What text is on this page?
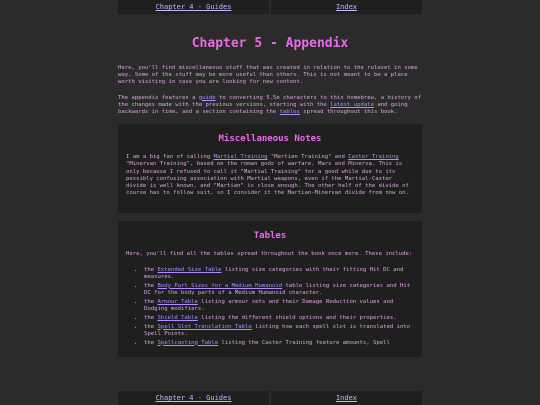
Chapter 4 - Guides	Index
Chapter 5 - Appendix

Here, you'll find miscellaneous stuff that was created in relation to the ruleset in some way. Some of the stuff may be more useful than others. This is not meant to be a place worth visiting in case you are looking for new content.

The appendix features a guide to converting 5.5e characters to this homebrew, a history of the changes made with the previous versions, starting with the latest update and going backwards in time, and a section containing the tables spread throughout this book.

Miscellaneous Notes

I am a big fan of calling Martial Training "Martian Training" and Caster Training "Minervan Training", based on the roman gods of warfare, Mars and Minerva. This is only because I refused to call it "Martial Training" for a good while due to its possibly confusing association with Martial weapons, even if the Martial-Caster divide is well known, and "Martian" is close enough. The other half of the divide of course has to follow suit, so I consider it the Martian-Minervan divide from now on.

Tables

Here, you'll find all the tables spread throughout the book once more. These include:

• the Extended Size Table listing size categories with their fitting Hit DC and measures.
• the Body Part Sizes for a Medium Humanoid table listing size categories and Hit DC for the body parts of a Medium Humanoid character.
• the Armour Table listing armour sets and their Damage Reduction values and Dodging modifiers.
• the Shield Table listing the different shield options and their properties.
• the Spell Slot Translation Table listing how each spell slot is translated into Spell Points.
• the Spellcasting Table listing the Caster Training feature amounts, Spell
Chapter 4 - Guides	Index
